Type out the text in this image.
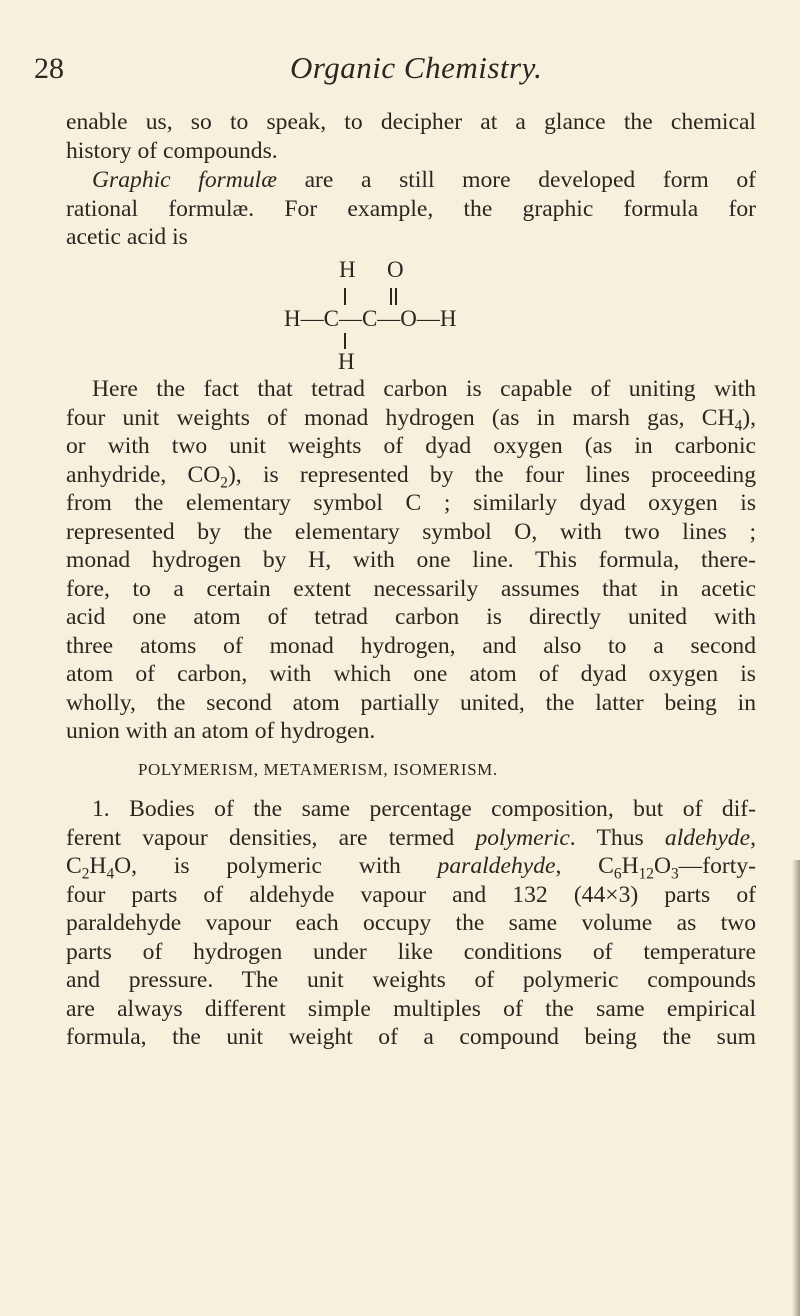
28	Organic Chemistry.

enable us, so to speak, to decipher at a glance the chemical
history of compounds.

Graphic formulæ are a still more developed form of
rational formulæ. For example, the graphic formula for
acetic acid is

H O
H—C—C—O—H
H

Here the fact that tetrad carbon is capable of uniting with
four unit weights of monad hydrogen (as in marsh gas, $CH_4$),
or with two unit weights of dyad oxygen (as in carbonic
anhydride, $CO_2$), is represented by the four lines proceeding
from the elementary symbol C ; similarly dyad oxygen is
represented by the elementary symbol O, with two lines ;
monad hydrogen by H, with one line. This formula, there-
fore, to a certain extent necessarily assumes that in acetic
acid one atom of tetrad carbon is directly united with
three atoms of monad hydrogen, and also to a second
atom of carbon, with which one atom of dyad oxygen is
wholly, the second atom partially united, the latter being in
union with an atom of hydrogen.

POLYMERISM, METAMERISM, ISOMERISM.

1. Bodies of the same percentage composition, but of dif-
ferent vapour densities, are termed polymeric. Thus aldehyde,
$C_2H_4O$, is polymeric with paraldehyde, $C_6H_{12}O_3—forty-$
four parts of aldehyde vapour and 132 (44×3) parts of
paraldehyde vapour each occupy the same volume as two
parts of hydrogen under like conditions of temperature
and pressure. The unit weights of polymeric compounds
are always different simple multiples of the same empirical
formula, the unit weight of a compound being the sum
